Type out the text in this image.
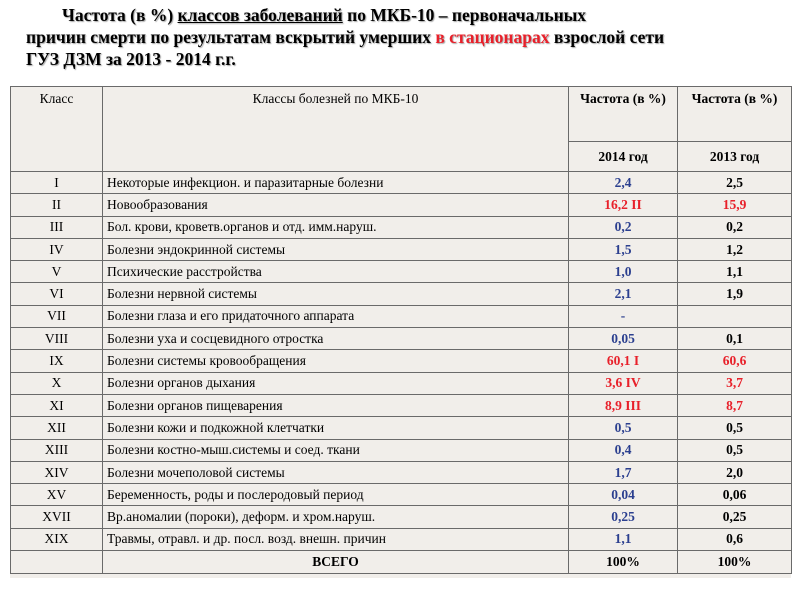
Частота (в %) классов заболеваний по МКБ-10 – первоначальных
причин смерти по результатам вскрытий умерших в стационарах взрослой сети
ГУЗ ДЗМ за 2013 - 2014 г.г.
Класс	Классы болезней по МКБ-10	Частота (в %)	Частота (в %)
		2014 год	2013 год
I	Некоторые инфекцион. и паразитарные болезни	2,4	2,5
II	Новообразования	16,2 II	15,9
III	Бол. крови, кроветв.органов и отд. имм.наруш.	0,2	0,2
IV	Болезни эндокринной системы	1,5	1,2
V	Психические расстройства	1,0	1,1
VI	Болезни нервной системы	2,1	1,9
VII	Болезни глаза и его придаточного аппарата	-	
VIII	Болезни уха и сосцевидного отростка	0,05	0,1
IX	Болезни системы кровообращения	60,1 I	60,6
X	Болезни органов дыхания	3,6 IV	3,7
XI	Болезни органов пищеварения	8,9 III	8,7
XII	Болезни кожи и подкожной клетчатки	0,5	0,5
XIII	Болезни костно-мыш.системы и соед. ткани	0,4	0,5
XIV	Болезни мочеполовой системы	1,7	2,0
XV	Беременность, роды и послеродовый период	0,04	0,06
XVII	Вр.аномалии (пороки), деформ. и хром.наруш.	0,25	0,25
XIX	Травмы, отравл. и др. посл. возд. внешн. причин	1,1	0,6
	ВСЕГО	100%	100%
